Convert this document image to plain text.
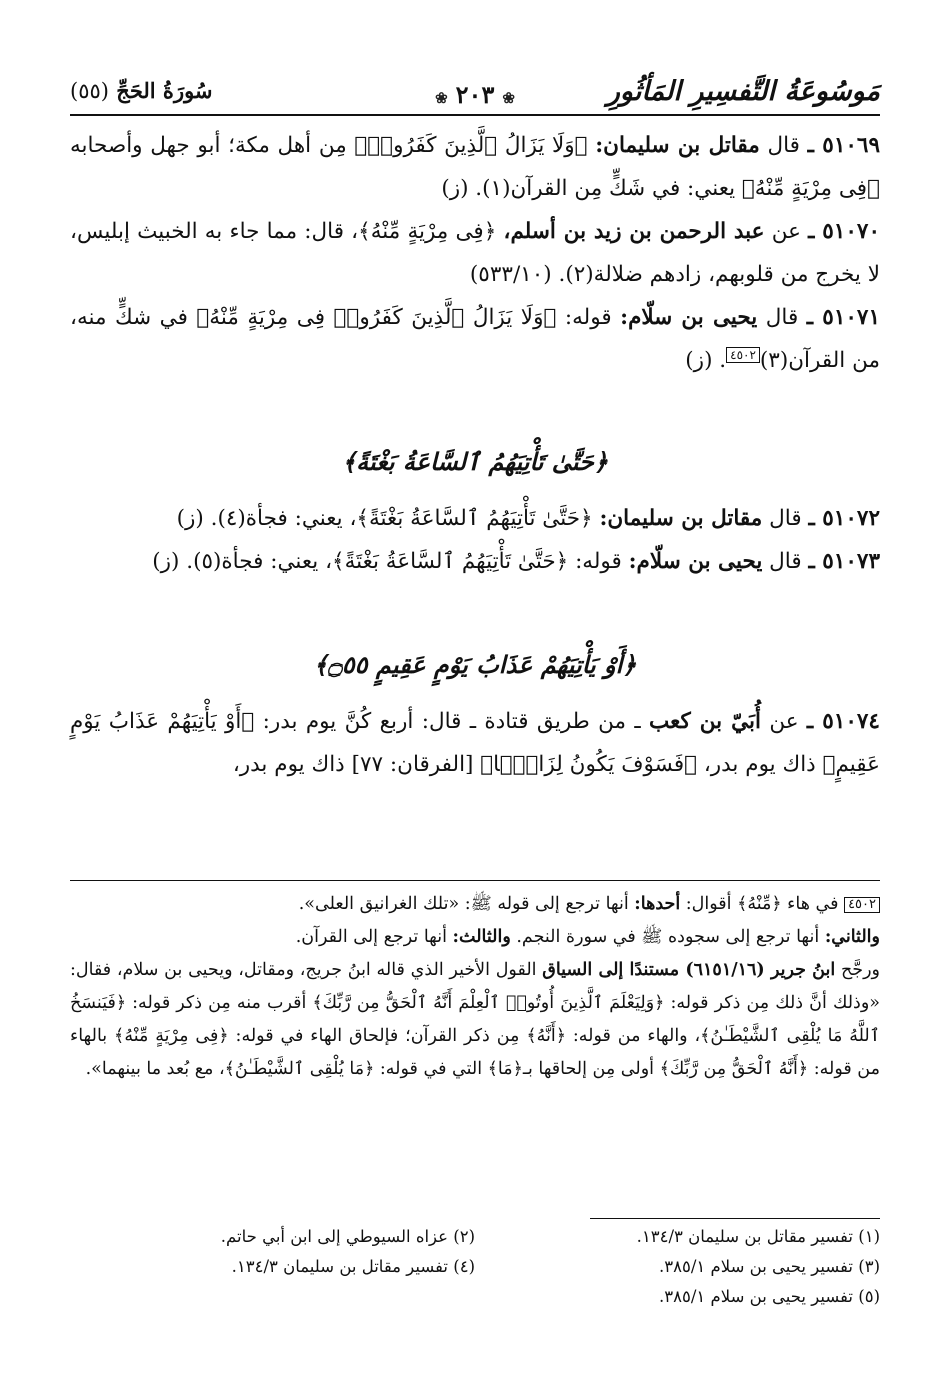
مَوسُوعَةُ التَّفسِيرِ المَأثُورِ
❀٢٠٣❀
سُورَةُ الحَجِّ (٥٥)

٥١٠٦٩ ـ قال مقاتل بن سليمان: ﴿وَلَا يَزَالُ ٱلَّذِينَ كَفَرُوا۟﴾ مِن أهل مكة؛ أبو جهل وأصحابه ﴿فِى مِرْيَةٍ مِّنْهُ﴾ يعني: في شَكٍّ مِن القرآن(١). (ز)

٥١٠٧٠ ـ عن عبد الرحمن بن زيد بن أسلم، ﴿فِى مِرْيَةٍ مِّنْهُ﴾، قال: مما جاء به الخبيث إبليس، لا يخرج من قلوبهم، زادهم ضلالة(٢). (٥٣٣/١٠)

٥١٠٧١ ـ قال يحيى بن سلّام: قوله: ﴿وَلَا يَزَالُ ٱلَّذِينَ كَفَرُوا۟ فِى مِرْيَةٍ مِّنْهُ﴾ في شكٍّ منه، من القرآن(٣)٤٥٠٢. (ز)

﴿حَتَّىٰ تَأْتِيَهُمُ ٱلسَّاعَةُ بَغْتَةً﴾

٥١٠٧٢ ـ قال مقاتل بن سليمان: ﴿حَتَّىٰ تَأْتِيَهُمُ ٱلسَّاعَةُ بَغْتَةً﴾، يعني: فجأة(٤). (ز)

٥١٠٧٣ ـ قال يحيى بن سلّام: قوله: ﴿حَتَّىٰ تَأْتِيَهُمُ ٱلسَّاعَةُ بَغْتَةً﴾، يعني: فجأة(٥). (ز)

﴿أَوْ يَأْتِيَهُمْ عَذَابُ يَوْمٍ عَقِيمٍ ۝٥٥﴾

٥١٠٧٤ ـ عن أُبَيّ بن كعب ـ من طريق قتادة ـ قال: أربع كُنَّ يوم بدر: ﴿أَوْ يَأْتِيَهُمْ عَذَابُ يَوْمٍ عَقِيمٍ﴾ ذاك يوم بدر، ﴿فَسَوْفَ يَكُونُ لِزَامًۢا﴾ [الفرقان: ٧٧] ذاك يوم بدر،

٤٥٠٢ في هاء ﴿مِّنْهُ﴾ أقوال: أحدها: أنها ترجع إلى قوله ﷺ: «تلك الغرانيق العلى».
والثاني: أنها ترجع إلى سجوده ﷺ في سورة النجم. والثالث: أنها ترجع إلى القرآن.
ورجَّح ابنُ جرير (٦١٥١/١٦) مستندًا إلى السياق القول الأخير الذي قاله ابنُ جريج، ومقاتل، ويحيى بن سلام، فقال: «وذلك أنَّ ذلك مِن ذكر قوله: ﴿وَلِيَعْلَمَ ٱلَّذِينَ أُوتُوا۟ ٱلْعِلْمَ أَنَّهُ ٱلْحَقُّ مِن رَّبِّكَ﴾ أقرب منه مِن ذكر قوله: ﴿فَيَنسَخُ ٱللَّهُ مَا يُلْقِى ٱلشَّيْطَـٰنُ﴾، والهاء من قوله: ﴿أَنَّهُ﴾ مِن ذكر القرآن؛ فإلحاق الهاء في قوله: ﴿فِى مِرْيَةٍ مِّنْهُ﴾ بالهاء من قوله: ﴿أَنَّهُ ٱلْحَقُّ مِن رَّبِّكَ﴾ أولى مِن إلحاقها بـ﴿مَا﴾ التي في قوله: ﴿مَا يُلْقِى ٱلشَّيْطَـٰنُ﴾، مع بُعد ما بينهما».
(١) تفسير مقاتل بن سليمان ١٣٤/٣.
(٢) عزاه السيوطي إلى ابن أبي حاتم.
(٣) تفسير يحيى بن سلام ٣٨٥/١.
(٤) تفسير مقاتل بن سليمان ١٣٤/٣.
(٥) تفسير يحيى بن سلام ٣٨٥/١.
